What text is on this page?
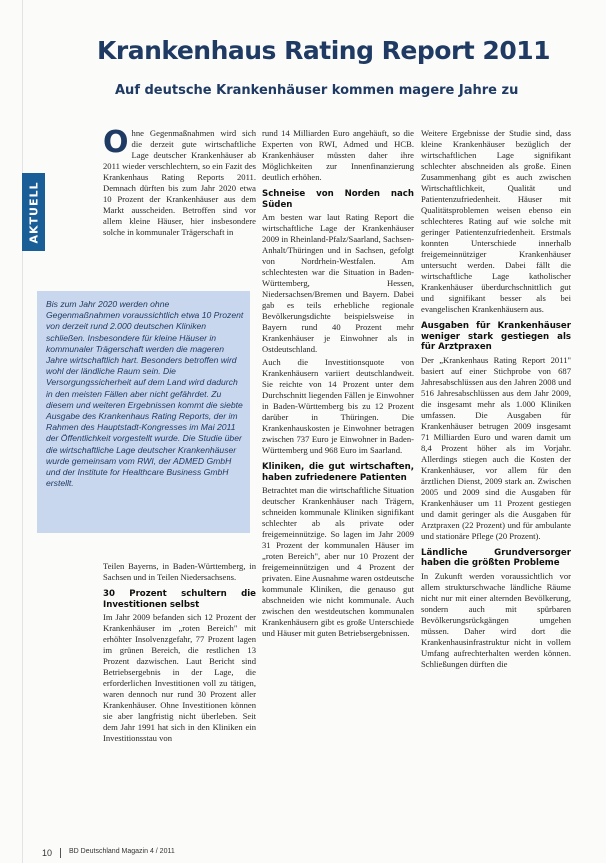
AKTUELL
Krankenhaus Rating Report 2011
Auf deutsche Krankenhäuser kommen magere Jahre zu
O hne Gegenmaßnahmen wird sich die derzeit gute wirtschaftliche Lage deutscher Krankenhäuser ab 2011 wieder verschlechtern, so ein Fazit des Krankenhaus Rating Reports 2011. Demnach dürften bis zum Jahr 2020 etwa 10 Prozent der Krankenhäuser aus dem Markt ausscheiden. Betroffen sind vor allem kleine Häuser, hier insbesondere solche in kommunaler Trägerschaft in

Bis zum Jahr 2020 werden ohne Gegenmaßnahmen voraussichtlich etwa 10 Prozent von derzeit rund 2.000 deutschen Kliniken schließen. Insbesondere für kleine Häuser in kommunaler Trägerschaft werden die mageren Jahre wirtschaftlich hart. Besonders betroffen wird wohl der ländliche Raum sein. Die Versorgungssicherheit auf dem Land wird dadurch in den meisten Fällen aber nicht gefährdet. Zu diesem und weiteren Ergebnissen kommt die siebte Ausgabe des Krankenhaus Rating Reports, der im Rahmen des Hauptstadt-Kongresses im Mai 2011 der Öffentlichkeit vorgestellt wurde. Die Studie über die wirtschaftliche Lage deutscher Krankenhäuser wurde gemeinsam vom RWI, der ADMED GmbH und der Institute for Healthcare Business GmbH erstellt.

Teilen Bayerns, in Baden-Württemberg, in Sachsen und in Teilen Niedersachsens.

30 Prozent schultern die Investitionen selbst

Im Jahr 2009 befanden sich 12 Prozent der Krankenhäuser im „roten Bereich" mit erhöhter Insolvenzgefahr, 77 Prozent lagen im grünen Bereich, die restlichen 13 Prozent dazwischen. Laut Bericht sind Betriebsergebnis in der Lage, die erforderlichen Investitionen voll zu tätigen, waren dennoch nur rund 30 Prozent aller Krankenhäuser. Ohne Investitionen können sie aber langfristig nicht überleben. Seit dem Jahr 1991 hat sich in den Kliniken ein Investitionsstau von

rund 14 Milliarden Euro angehäuft, so die Experten von RWI, Admed und HCB. Krankenhäuser müssten daher ihre Möglichkeiten zur Innenfinanzierung deutlich erhöhen.

Schneise von Norden nach Süden

Am besten war laut Rating Report die wirtschaftliche Lage der Krankenhäuser 2009 in Rheinland-Pfalz/Saarland, Sachsen-Anhalt/Thüringen und in Sachsen, gefolgt von Nordrhein-Westfalen. Am schlechtesten war die Situation in Baden-Württemberg, Hessen, Niedersachsen/Bremen und Bayern. Dabei gab es teils erhebliche regionale Bevölkerungsdichte beispielsweise in Bayern rund 40 Prozent mehr Krankenhäuser je Einwohner als in Ostdeutschland.

Auch die Investitionsquote von Krankenhäusern variiert deutschlandweit. Sie reichte von 14 Prozent unter dem Durchschnitt liegenden Fällen je Einwohner in Baden-Württemberg bis zu 12 Prozent darüber in Thüringen. Die Krankenhauskosten je Einwohner betragen zwischen 737 Euro je Einwohner in Baden-Württemberg und 968 Euro im Saarland.

Kliniken, die gut wirtschaften, haben zufriedenere Patienten

Betrachtet man die wirtschaftliche Situation deutscher Krankenhäuser nach Trägern, schneiden kommunale Kliniken signifikant schlechter ab als private oder freigemeinnützige. So lagen im Jahr 2009 31 Prozent der kommunalen Häuser im „roten Bereich", aber nur 10 Prozent der freigemeinnützigen und 4 Prozent der privaten. Eine Ausnahme waren ostdeutsche kommunale Kliniken, die genauso gut abschneiden wie nicht kommunale. Auch zwischen den westdeutschen kommunalen Krankenhäusern gibt es große Unterschiede und Häuser mit guten Betriebsergebnissen.

Weitere Ergebnisse der Studie sind, dass kleine Krankenhäuser bezüglich der wirtschaftlichen Lage signifikant schlechter abschneiden als große. Einen Zusammenhang gibt es auch zwischen Wirtschaftlichkeit, Qualität und Patientenzufriedenheit. Häuser mit Qualitätsproblemen weisen ebenso ein schlechteres Rating auf wie solche mit geringer Patientenzufriedenheit. Erstmals konnten Unterschiede innerhalb freigemeinnütziger Krankenhäuser untersucht werden. Dabei fällt die wirtschaftliche Lage katholischer Krankenhäuser überdurchschnittlich gut und signifikant besser als bei evangelischen Krankenhäusern aus.

Ausgaben für Krankenhäuser weniger stark gestiegen als für Arztpraxen

Der „Krankenhaus Rating Report 2011" basiert auf einer Stichprobe von 687 Jahresabschlüssen aus den Jahren 2008 und 516 Jahresabschlüssen aus dem Jahr 2009, die insgesamt mehr als 1.000 Kliniken umfassen. Die Ausgaben für Krankenhäuser betrugen 2009 insgesamt 71 Milliarden Euro und waren damit um 8,4 Prozent höher als im Vorjahr. Allerdings stiegen auch die Kosten der Krankenhäuser, vor allem für den ärztlichen Dienst, 2009 stark an. Zwischen 2005 und 2009 sind die Ausgaben für Krankenhäuser um 11 Prozent gestiegen und damit geringer als die Ausgaben für Arztpraxen (22 Prozent) und für ambulante und stationäre Pflege (20 Prozent).

Ländliche Grundversorger haben die größten Probleme

In Zukunft werden voraussichtlich vor allem strukturschwache ländliche Räume nicht nur mit einer alternden Bevölkerung, sondern auch mit spürbaren Bevölkerungsrückgängen umgehen müssen. Daher wird dort die Krankenhausinfrastruktur nicht in vollem Umfang aufrechterhalten werden können. Schließungen dürften die

10 BD Deutschland Magazin 4 / 2011
